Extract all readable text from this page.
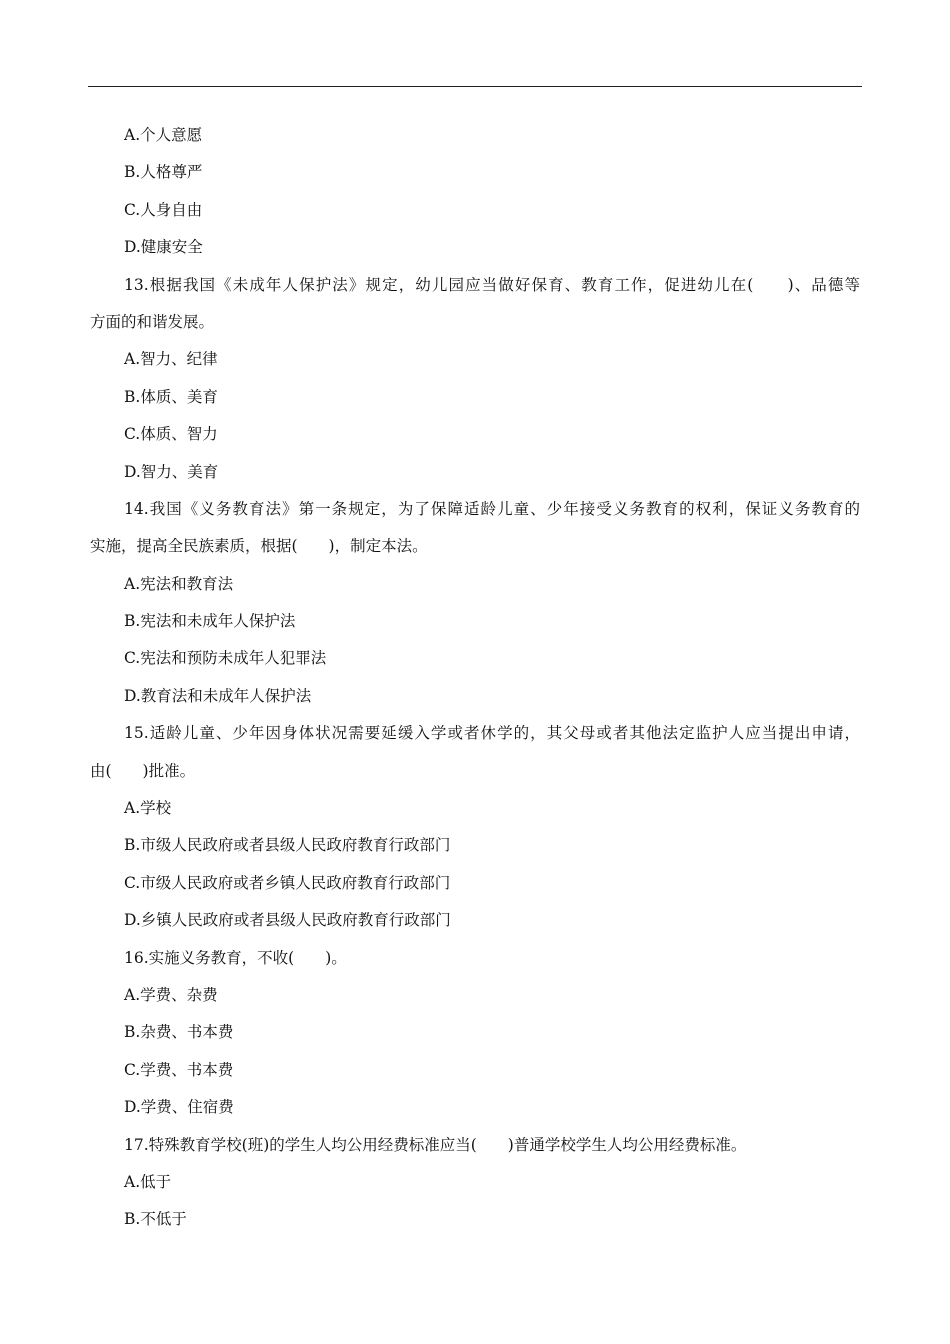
A.个人意愿
B.人格尊严
C.人身自由
D.健康安全
13.根据我国《未成年人保护法》规定，幼儿园应当做好保育、教育工作，促进幼儿在(　　)、品德等
方面的和谐发展。
A.智力、纪律
B.体质、美育
C.体质、智力
D.智力、美育
14.我国《义务教育法》第一条规定，为了保障适龄儿童、少年接受义务教育的权利，保证义务教育的
实施，提高全民族素质，根据(　　)，制定本法。
A.宪法和教育法
B.宪法和未成年人保护法
C.宪法和预防未成年人犯罪法
D.教育法和未成年人保护法
15.适龄儿童、少年因身体状况需要延缓入学或者休学的，其父母或者其他法定监护人应当提出申请，
由(　　)批准。
A.学校
B.市级人民政府或者县级人民政府教育行政部门
C.市级人民政府或者乡镇人民政府教育行政部门
D.乡镇人民政府或者县级人民政府教育行政部门
16.实施义务教育，不收(　　)。
A.学费、杂费
B.杂费、书本费
C.学费、书本费
D.学费、住宿费
17.特殊教育学校(班)的学生人均公用经费标准应当(　　)普通学校学生人均公用经费标准。
A.低于
B.不低于
